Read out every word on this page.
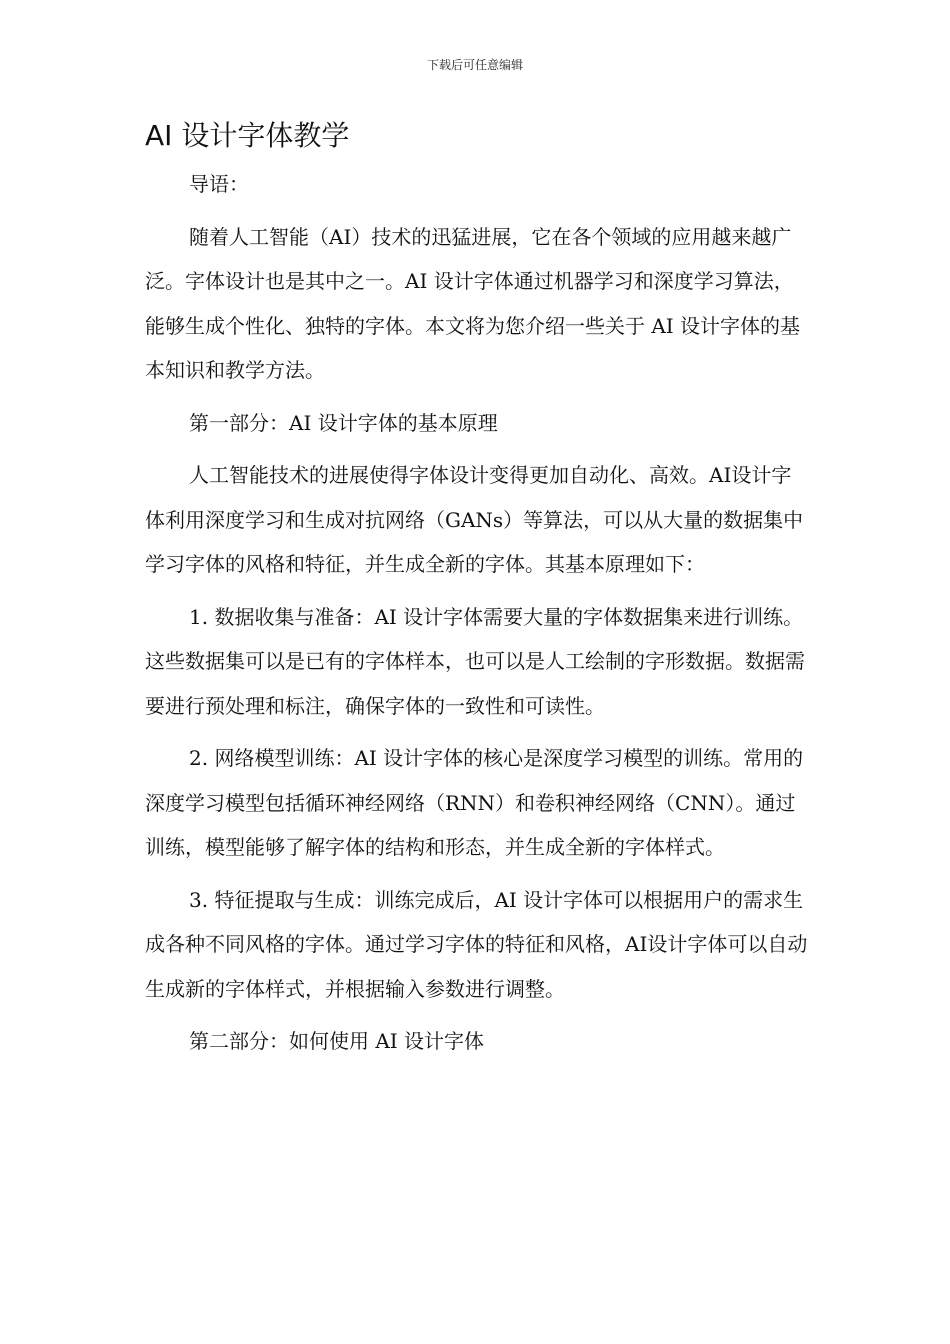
下载后可任意编辑
AI 设计字体教学

导语：

随着人工智能（AI）技术的迅猛进展，它在各个领域的应用越来越广泛。字体设计也是其中之一。AI 设计字体通过机器学习和深度学习算法，能够生成个性化、独特的字体。本文将为您介绍一些关于 AI 设计字体的基本知识和教学方法。

第一部分：AI 设计字体的基本原理

人工智能技术的进展使得字体设计变得更加自动化、高效。AI设计字体利用深度学习和生成对抗网络（GANs）等算法，可以从大量的数据集中学习字体的风格和特征，并生成全新的字体。其基本原理如下：

1. 数据收集与准备：AI 设计字体需要大量的字体数据集来进行训练。这些数据集可以是已有的字体样本，也可以是人工绘制的字形数据。数据需要进行预处理和标注，确保字体的一致性和可读性。

2. 网络模型训练：AI 设计字体的核心是深度学习模型的训练。常用的深度学习模型包括循环神经网络（RNN）和卷积神经网络（CNN）。通过训练，模型能够了解字体的结构和形态，并生成全新的字体样式。

3. 特征提取与生成：训练完成后，AI 设计字体可以根据用户的需求生成各种不同风格的字体。通过学习字体的特征和风格，AI设计字体可以自动生成新的字体样式，并根据输入参数进行调整。

第二部分：如何使用 AI 设计字体
